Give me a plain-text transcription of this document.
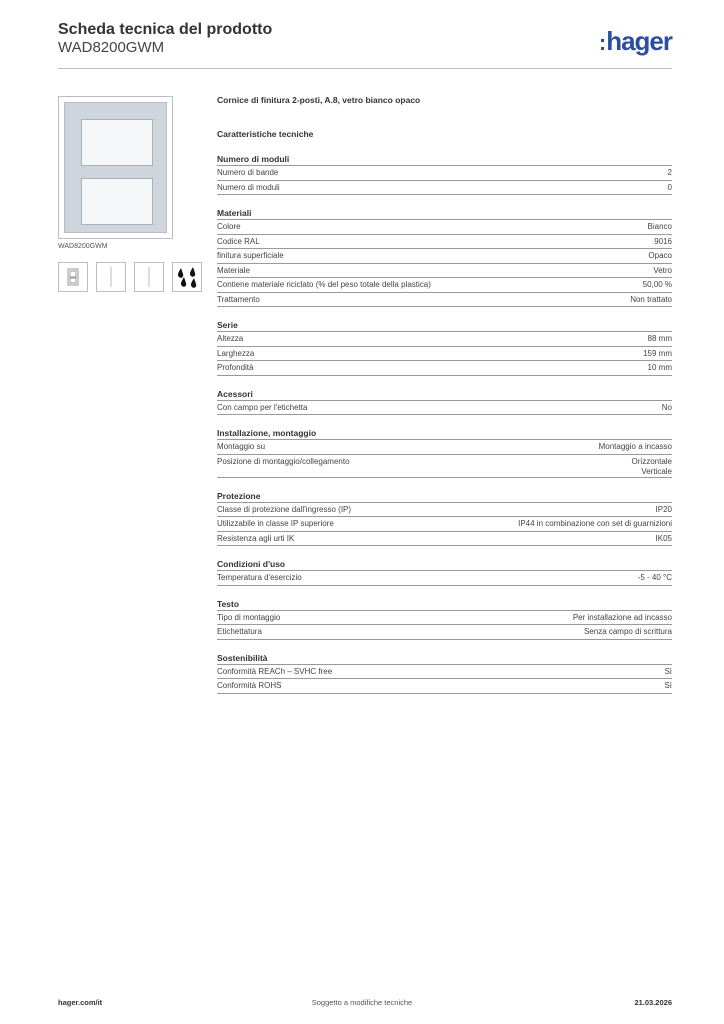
Scheda tecnica del prodotto
WAD8200GWM	:hager
WAD8200GWM
Cornice di finitura 2-posti, A.8, vetro bianco opaco
Caratteristiche tecniche
Numero di moduli
Numero di bande	2
Numero di moduli	0
Materiali
Colore	Bianco
Codice RAL	9016
finitura superficiale	Opaco
Materiale	Vetro
Contiene materiale riciclato (% del peso totale della plastica)	50,00 %
Trattamento	Non trattato
Serie
Altezza	88 mm
Larghezza	159 mm
Profondità	10 mm
Acessori
Con campo per l'etichetta	No
Installazione, montaggio
Montaggio su	Montaggio a incasso
Posizione di montaggio/collegamento	Orizzontale
Verticale
Protezione
Classe di protezione dall'ingresso (IP)	IP20
Utilizzabile in classe IP superiore	IP44 in combinazione con set di guarnizioni
Resistenza agli urti IK	IK05
Condizioni d'uso
Temperatura d'esercizio	-5 - 40 °C
Testo
Tipo di montaggio	Per installazione ad incasso
Etichettatura	Senza campo di scrittura
Sostenibilità
Conformità REACh – SVHC free	Sì
Conformità ROHS	Sì
hager.com/it	Soggetto a modifiche tecniche	21.03.2026
